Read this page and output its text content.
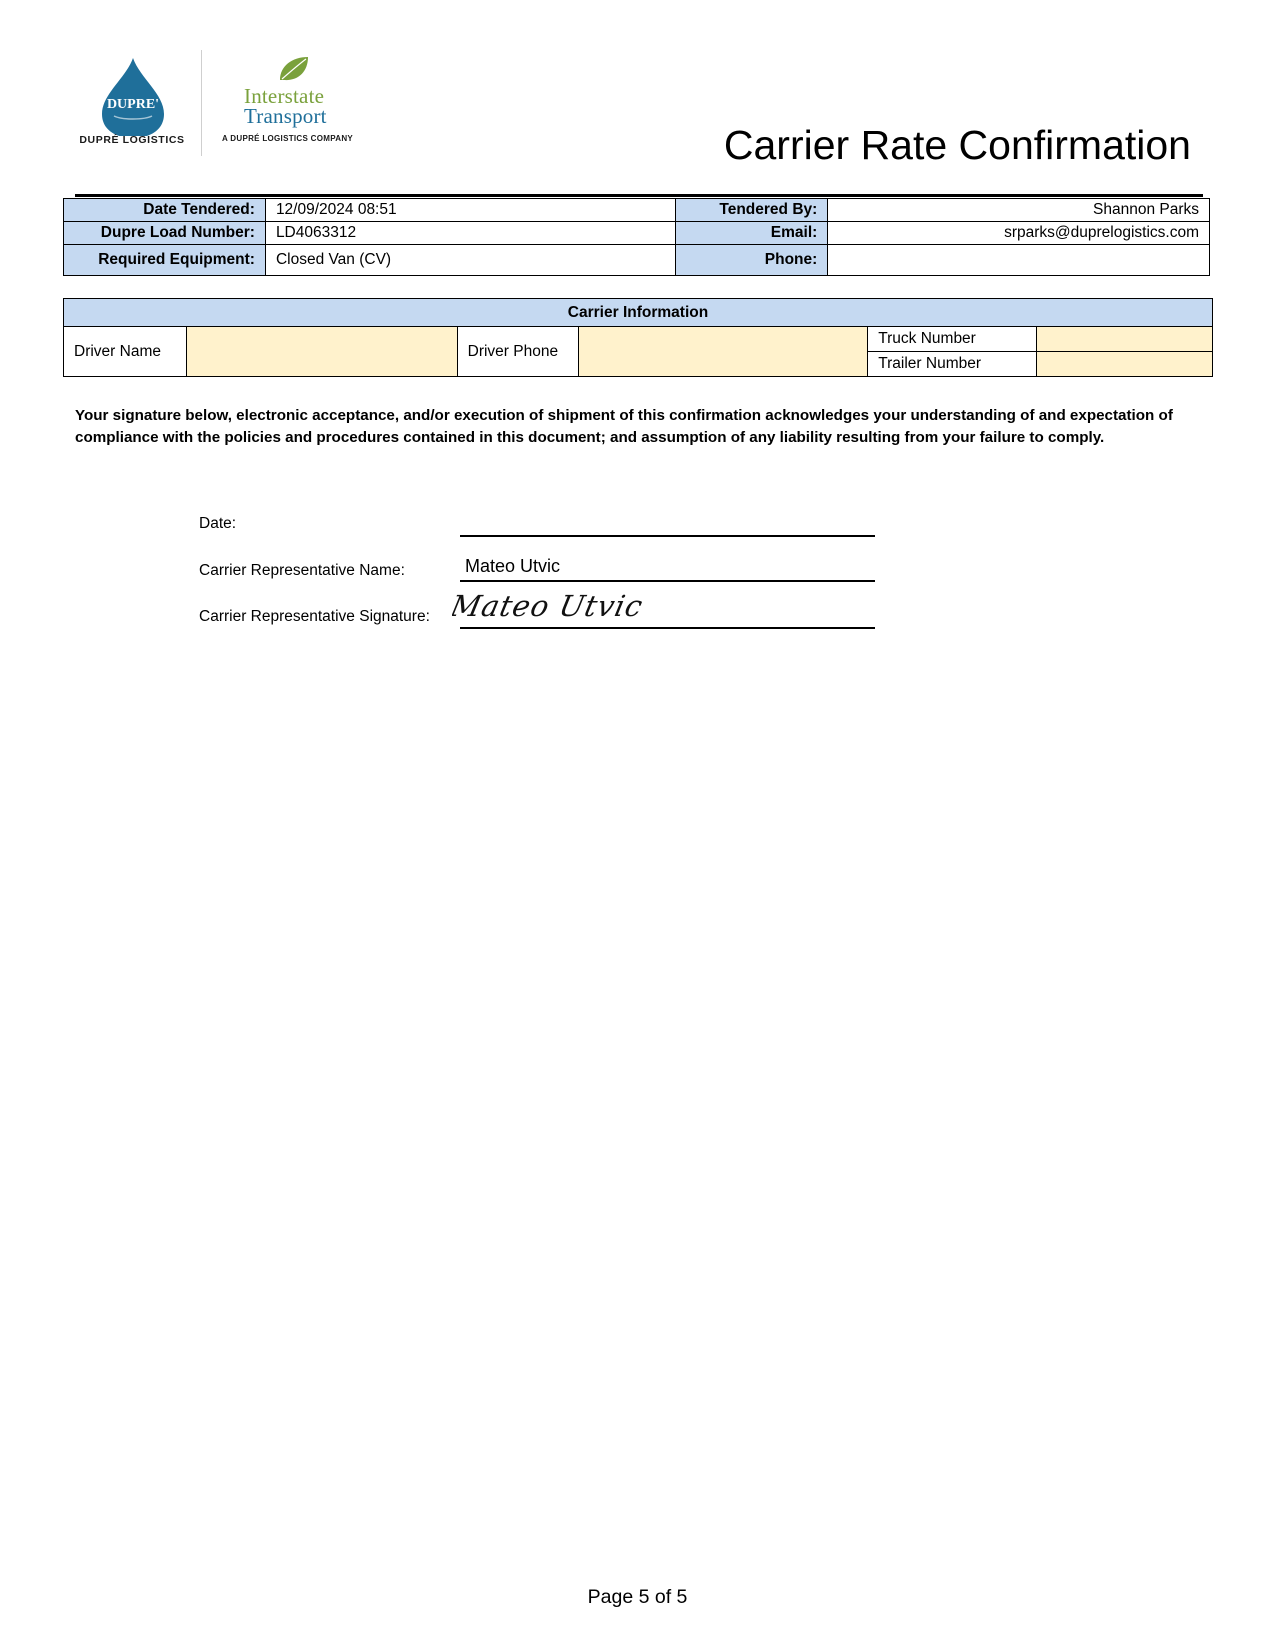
DUPRE'
DUPRÉ LOGISTICS
Interstate
Transport
A DUPRÉ LOGISTICS COMPANY	Carrier Rate Confirmation
Date Tendered:	12/09/2024 08:51	Tendered By:	Shannon Parks
Dupre Load Number:	LD4063312	Email:	srparks@duprelogistics.com
Required Equipment:	Closed Van (CV)	Phone:	
Carrier Information					
Driver Name		Driver Phone		Truck Number	
				Trailer Number	
Your signature below, electronic acceptance, and/or execution of shipment of this confirmation acknowledges your understanding of and expectation of compliance with the policies and procedures contained in this document; and assumption of any liability resulting from your failure to comply.
Date:
Carrier Representative Name:	Mateo Utvic
Carrier Representative Signature: Mateo Utvic
Page 5 of 5
